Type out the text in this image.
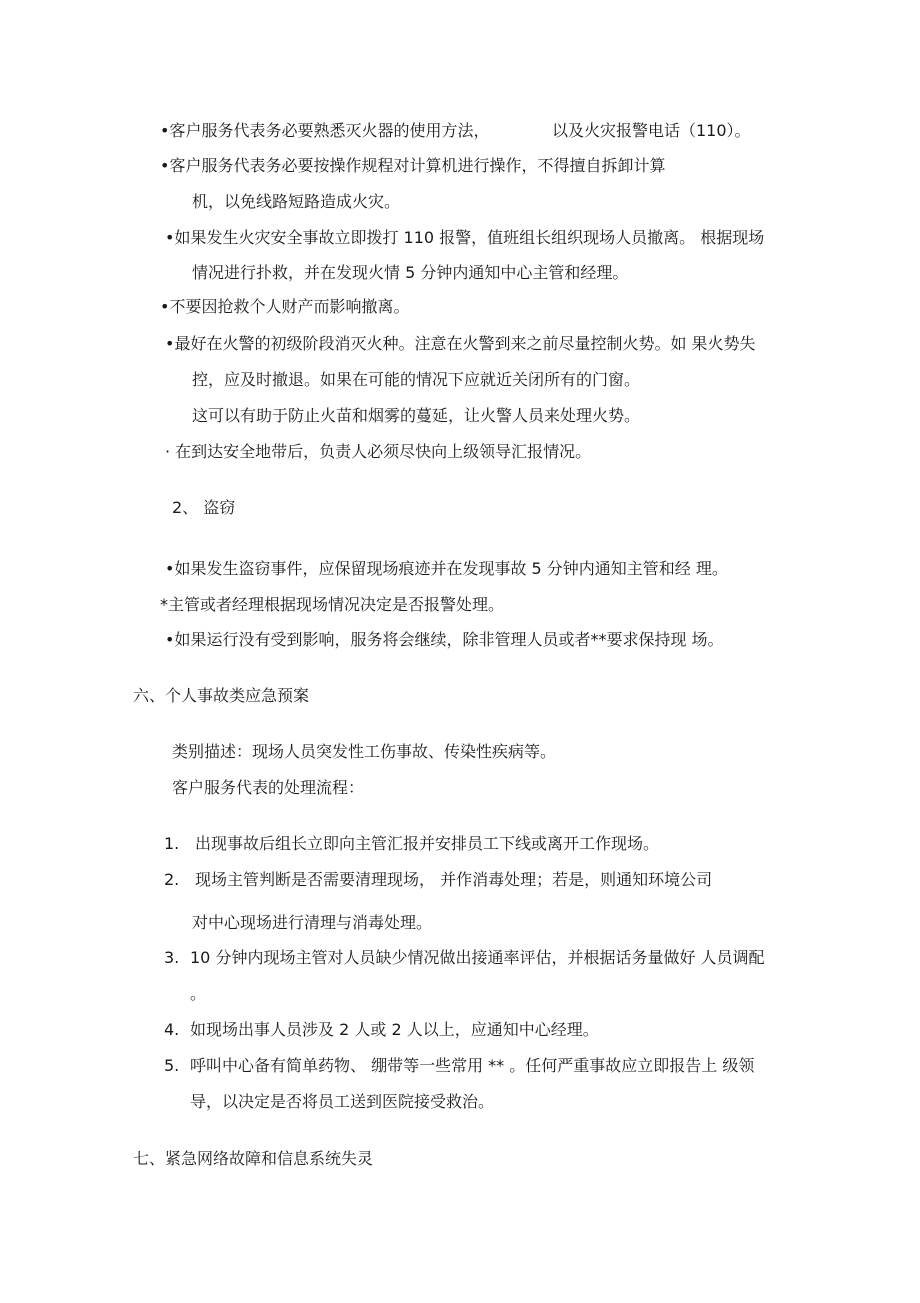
•客户服务代表务必要熟悉灭火器的使用方法，	以及火灾报警电话（110）。
•客户服务代表务必要按操作规程对计算机进行操作，不得擅自拆卸计算
机，以免线路短路造成火灾。
•如果发生火灾安全事故立即拨打 110 报警，值班组长组织现场人员撤离。 根据现场
情况进行扑救，并在发现火情 5 分钟内通知中心主管和经理。
•不要因抢救个人财产而影响撤离。
•最好在火警的初级阶段消灭火种。注意在火警到来之前尽量控制火势。如 果火势失
控，应及时撤退。如果在可能的情况下应就近关闭所有的门窗。
这可以有助于防止火苗和烟雾的蔓延，让火警人员来处理火势。
· 在到达安全地带后，负责人必须尽快向上级领导汇报情况。
2、 盗窃
•如果发生盗窃事件，应保留现场痕迹并在发现事故 5 分钟内通知主管和经 理。
*主管或者经理根据现场情况决定是否报警处理。
•如果运行没有受到影响，服务将会继续，除非管理人员或者**要求保持现 场。
六、个人事故类应急预案
类别描述：现场人员突发性工伤事故、传染性疾病等。
客户服务代表的处理流程：
1. 出现事故后组长立即向主管汇报并安排员工下线或离开工作现场。
2. 现场主管判断是否需要清理现场， 并作消毒处理；若是，则通知环境公司
对中心现场进行清理与消毒处理。
3. 10 分钟内现场主管对人员缺少情况做出接通率评估，并根据话务量做好 人员调配
。
4. 如现场出事人员涉及 2 人或 2 人以上，应通知中心经理。
5. 呼叫中心备有简单药物、 绷带等一些常用 ** 。任何严重事故应立即报告上 级领
导，以决定是否将员工送到医院接受救治。
七、紧急网络故障和信息系统失灵
